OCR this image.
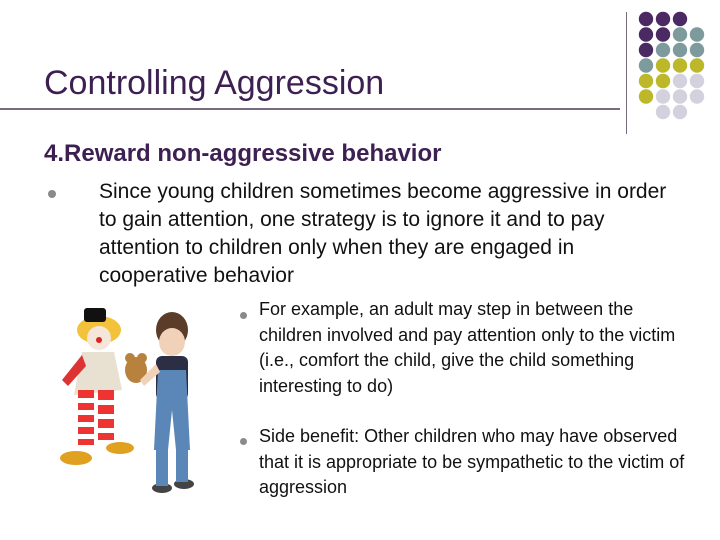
Controlling Aggression
4.Reward non-aggressive behavior

Since young children sometimes become aggressive in order to gain attention, one strategy is to ignore it and to pay attention to children only when they are engaged in cooperative behavior

For example, an adult may step in between the children involved and pay attention only to the victim (i.e., comfort the child, give the child something interesting to do)

Side benefit: Other children who may have observed that it is appropriate to be sympathetic to the victim of aggression
